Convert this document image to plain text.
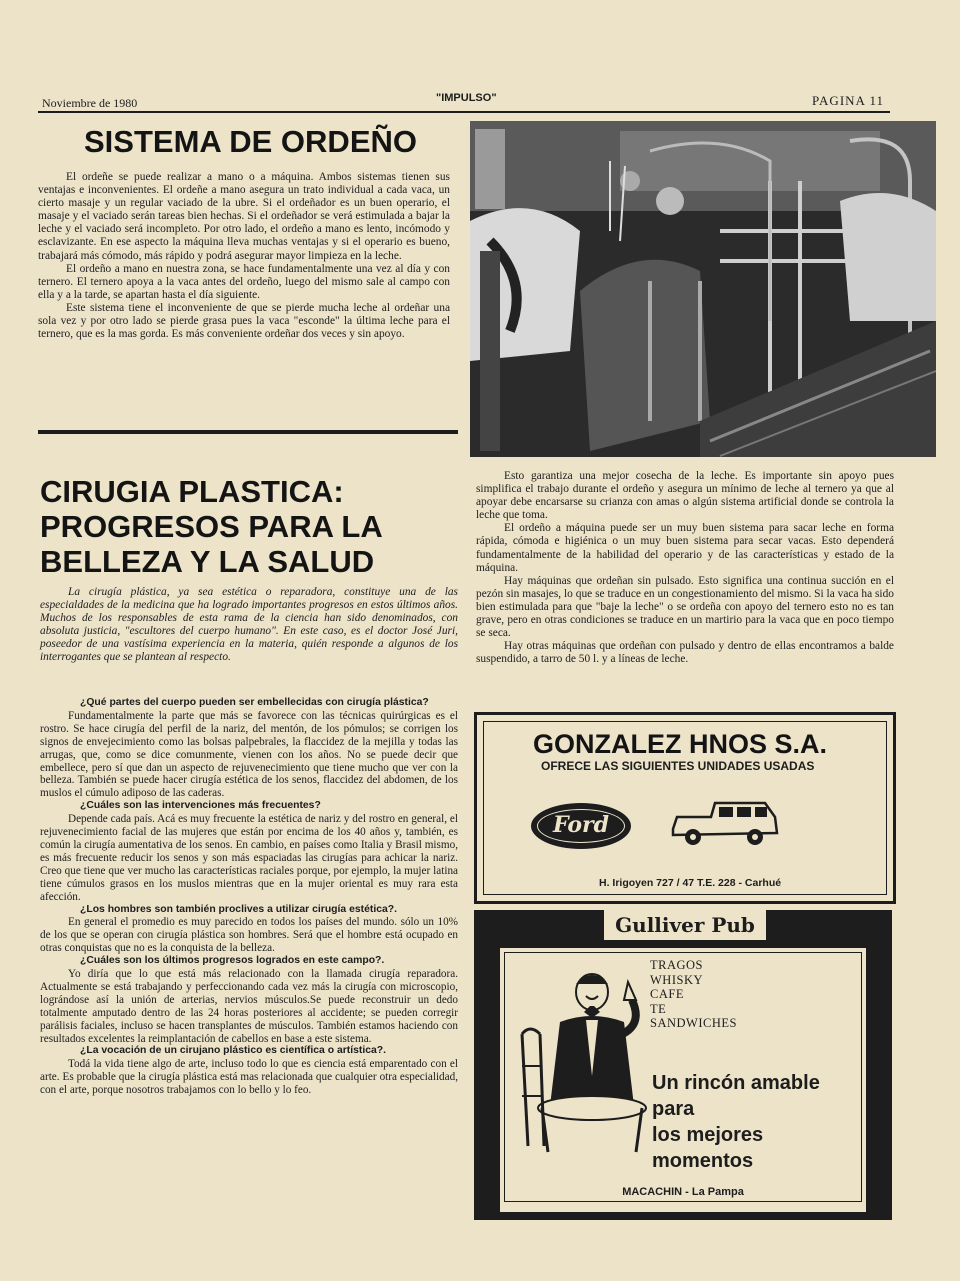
Noviembre de 1980	"IMPULSO"	PAGINA 11
SISTEMA DE ORDEÑO

El ordeñe se puede realizar a mano o a máquina. Ambos sistemas tienen sus ventajas e inconvenientes. El ordeñe a mano asegura un trato individual a cada vaca, un cierto masaje y un regular vaciado de la ubre. Si el ordeñador es un buen operario, el masaje y el vaciado serán tareas bien hechas. Si el ordeñador se verá estimulada a bajar la leche y el vaciado será incompleto. Por otro lado, el ordeño a mano es lento, incómodo y esclavizante. En ese aspecto la máquina lleva muchas ventajas y si el operario es bueno, trabajará más cómodo, más rápido y podrá asegurar mayor limpieza en la leche.

El ordeño a mano en nuestra zona, se hace fundamentalmente una vez al día y con ternero. El ternero apoya a la vaca antes del ordeño, luego del mismo sale al campo con ella y a la tarde, se apartan hasta el día siguiente.

Este sistema tiene el inconveniente de que se pierde mucha leche al ordeñar una sola vez y por otro lado se pierde grasa pues la vaca "esconde" la última leche para el ternero, que es la mas gorda. Es más conveniente ordeñar dos veces y sin apoyo.

Esto garantiza una mejor cosecha de la leche. Es importante sin apoyo pues simplifica el trabajo durante el ordeño y asegura un mínimo de leche al ternero ya que al apoyar debe encarsarse su crianza con amas o algún sistema artificial donde se controla la leche que toma.

El ordeño a máquina puede ser un muy buen sistema para sacar leche en forma rápida, cómoda e higiénica o un muy buen sistema para secar vacas. Esto dependerá fundamentalmente de la habilidad del operario y de las características y estado de la máquina.

Hay máquinas que ordeñan sin pulsado. Esto significa una continua succión en el pezón sin masajes, lo que se traduce en un congestionamiento del mismo. Si la vaca ha sido bien estimulada para que "baje la leche" o se ordeña con apoyo del ternero esto no es tan grave, pero en otras condiciones se traduce en un martirio para la vaca que en poco tiempo se seca.

Hay otras máquinas que ordeñan con pulsado y dentro de ellas encontramos a balde suspendido, a tarro de 50 l. y a líneas de leche.

CIRUGIA PLASTICA:
PROGRESOS PARA LA
BELLEZA Y LA SALUD
La cirugía plástica, ya sea estética o reparadora, constituye una de las especialdades de la medicina que ha logrado importantes progresos en estos últimos años. Muchos de los responsables de esta rama de la ciencia han sido denominados, con absoluta justicia, "escultores del cuerpo humano". En este caso, es el doctor José Juri, poseedor de una vastísima experiencia en la materia, quién responde a algunos de los interrogantes que se plantean al respecto.
¿Qué partes del cuerpo pueden ser embellecidas con cirugía plástica?

Fundamentalmente la parte que más se favorece con las técnicas quirúrgicas es el rostro. Se hace cirugía del perfil de la nariz, del mentón, de los pómulos; se corrigen los signos de envejecimiento como las bolsas palpebrales, la flaccidez de la mejilla y todas las arrugas, que, como se dice comunmente, vienen con los años. No se puede decir que embellece, pero sí que dan un aspecto de rejuvenecimiento que tiene mucho que ver con la belleza. También se puede hacer cirugía estética de los senos, flaccidez del abdomen, de los muslos el cúmulo adiposo de las caderas.

¿Cuáles son las intervenciones más frecuentes?

Depende cada país. Acá es muy frecuente la estética de nariz y del rostro en general, el rejuvenecimiento facial de las mujeres que están por encima de los 40 años y, también, es común la cirugía aumentativa de los senos. En cambio, en países como Italia y Brasil mismo, es más frecuente reducir los senos y son más espaciadas las cirugías para achicar la nariz. Creo que tiene que ver mucho las características raciales porque, por ejemplo, la mujer latina tiene cúmulos grasos en los muslos mientras que en la mujer oriental es muy rara esta afección.

¿Los hombres son también proclives a utilizar cirugía estética?.

En general el promedio es muy parecido en todos los países del mundo. sólo un 10% de los que se operan con cirugía plástica son hombres. Será que el hombre está ocupado en otras conquistas que no es la conquista de la belleza.

¿Cuáles son los últimos progresos logrados en este campo?.

Yo diría que lo que está más relacionado con la llamada cirugía reparadora. Actualmente se está trabajando y perfeccionando cada vez más la cirugía con microscopio, lográndose así la unión de arterias, nervios músculos.Se puede reconstruir un dedo totalmente amputado dentro de las 24 horas posteriores al accidente; se pueden corregir parálisis faciales, incluso se hacen transplantes de músculos. También estamos haciendo con resultados excelentes la reimplantación de cabellos en base a este sistema.

¿La vocación de un cirujano plástico es científica o artística?.

Todá la vida tiene algo de arte, incluso todo lo que es ciencia está emparentado con el arte. Es probable que la cirugía plástica está mas relacionada que cualquier otra especialidad, con el arte, porque nosotros trabajamos con lo bello y lo feo.

GONZALEZ HNOS S.A.
OFRECE LAS SIGUIENTES UNIDADES USADAS
Ford
H. Irigoyen 727 / 47 T.E. 228 - Carhué
Gulliver Pub
TRAGOS
WHISKY
CAFE
TE
SANDWICHES
Un rincón amable
para
los mejores
momentos
MACACHIN - La Pampa
